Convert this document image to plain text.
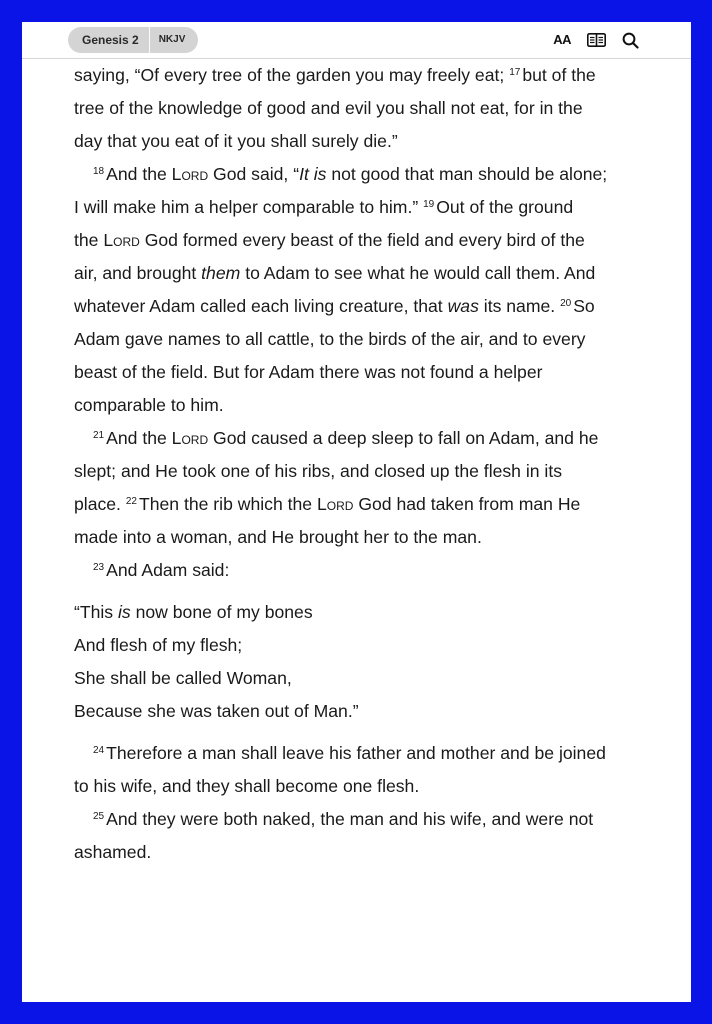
Genesis 2	NKJV	AA

saying, “Of every tree of the garden you may freely eat; $^{17}$ but of the

tree of the knowledge of good and evil you shall not eat, for in the

day that you eat of it you shall surely die.”

$^{18}$ And the Lord God said, “It is not good that man should be alone;

I will make him a helper comparable to him.” $^{19}$ Out of the ground

the Lord God formed every beast of the field and every bird of the

air, and brought them to Adam to see what he would call them. And

whatever Adam called each living creature, that was its name. $^{20}$ So

Adam gave names to all cattle, to the birds of the air, and to every

beast of the field. But for Adam there was not found a helper

comparable to him.

$^{21}$ And the Lord God caused a deep sleep to fall on Adam, and he

slept; and He took one of his ribs, and closed up the flesh in its

place. $^{22}$ Then the rib which the Lord God had taken from man He

made into a woman, and He brought her to the man.

$^{23}$ And Adam said:

“This is now bone of my bones

And flesh of my flesh;

She shall be called Woman,

Because she was taken out of Man.”

$^{24}$ Therefore a man shall leave his father and mother and be joined

to his wife, and they shall become one flesh.

$^{25}$ And they were both naked, the man and his wife, and were not

ashamed.
